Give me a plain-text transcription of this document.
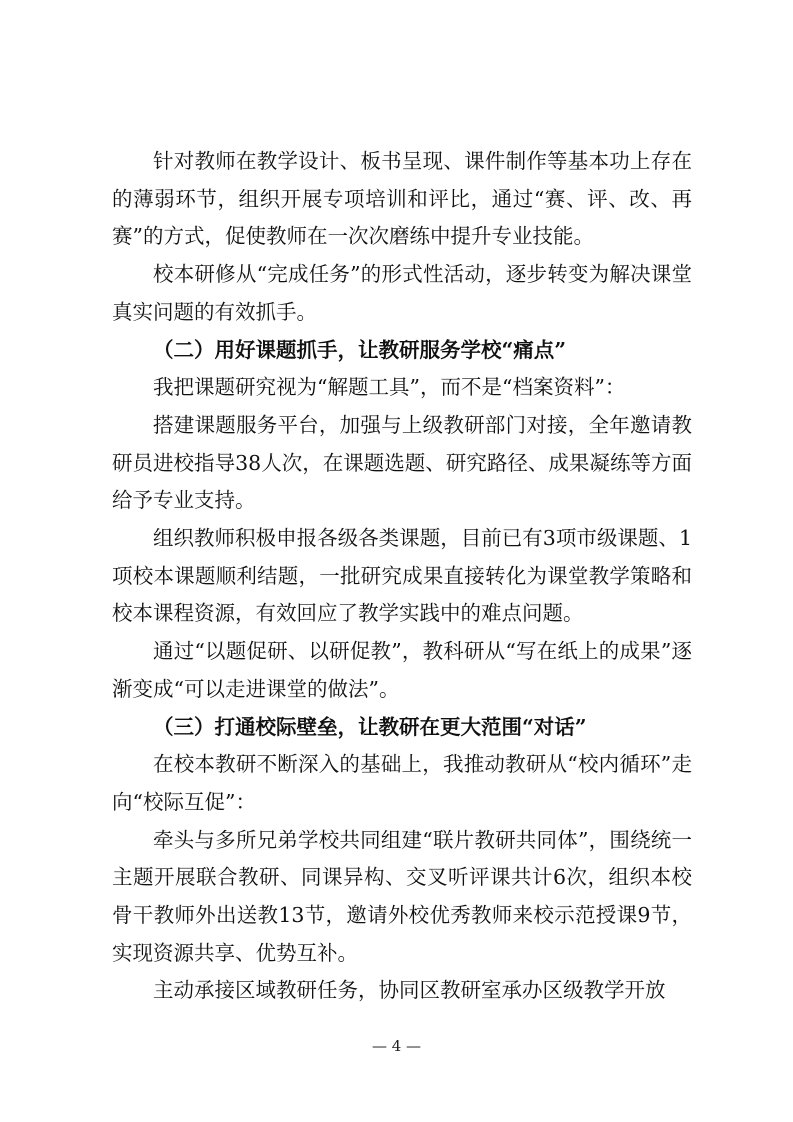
针对教师在教学设计、板书呈现、课件制作等基本功上存在的薄弱环节，组织开展专项培训和评比，通过“赛、评、改、再赛”的方式，促使教师在一次次磨练中提升专业技能。

校本研修从“完成任务”的形式性活动，逐步转变为解决课堂真实问题的有效抓手。

（二）用好课题抓手，让教研服务学校“痛点”

我把课题研究视为“解题工具”，而不是“档案资料”：

搭建课题服务平台，加强与上级教研部门对接，全年邀请教研员进校指导38人次，在课题选题、研究路径、成果凝练等方面给予专业支持。

组织教师积极申报各级各类课题，目前已有3项市级课题、1项校本课题顺利结题，一批研究成果直接转化为课堂教学策略和校本课程资源，有效回应了教学实践中的难点问题。

通过“以题促研、以研促教”，教科研从“写在纸上的成果”逐渐变成“可以走进课堂的做法”。

（三）打通校际壁垒，让教研在更大范围“对话”

在校本教研不断深入的基础上，我推动教研从“校内循环”走向“校际互促”：

牵头与多所兄弟学校共同组建“联片教研共同体”，围绕统一主题开展联合教研、同课异构、交叉听评课共计6次，组织本校骨干教师外出送教13节，邀请外校优秀教师来校示范授课9节，实现资源共享、优势互补。

主动承接区域教研任务，协同区教研室承办区级教学开放

— 4 —
